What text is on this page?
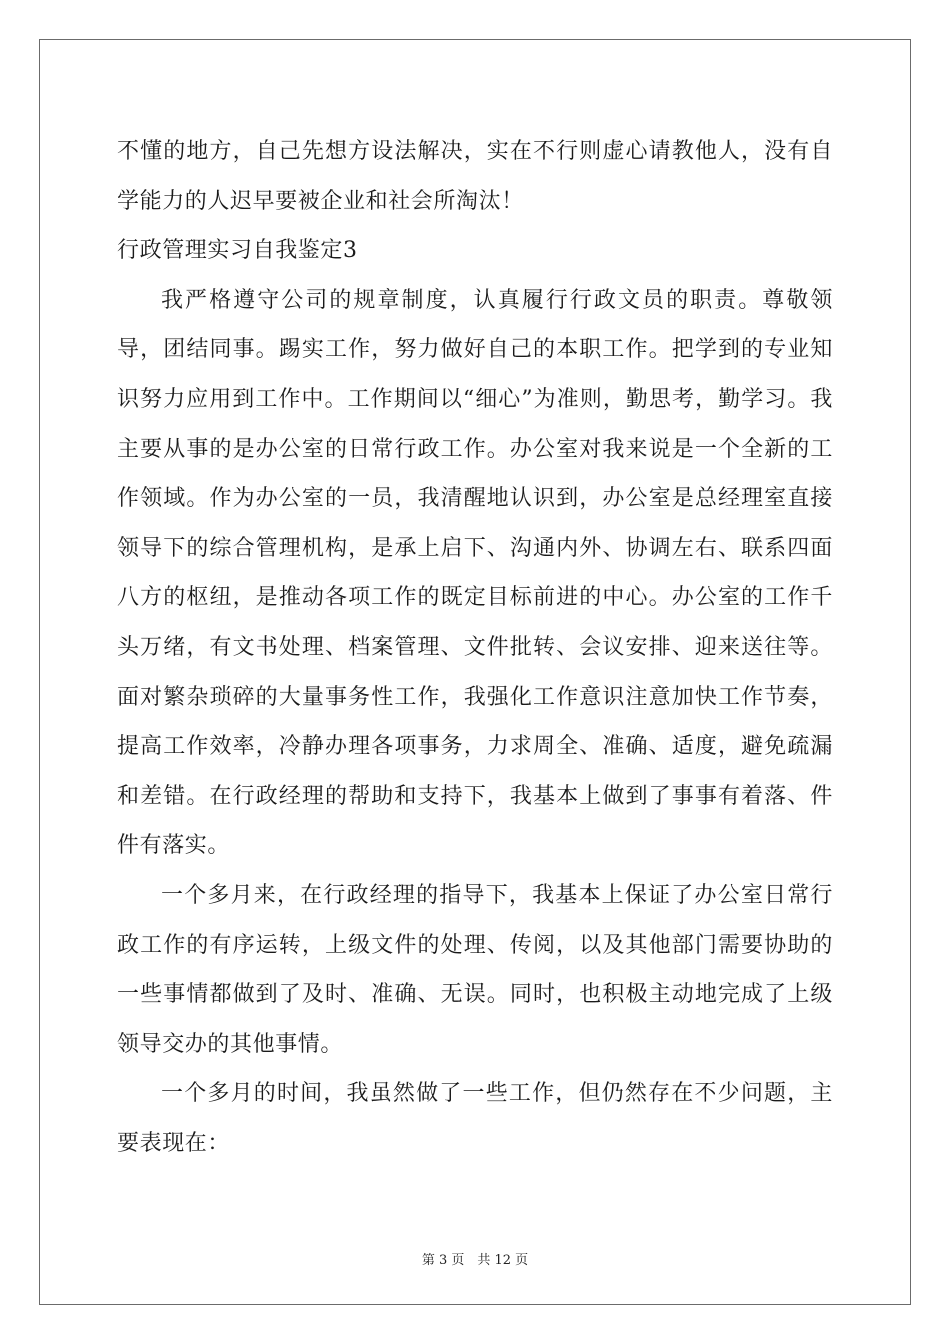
不懂的地方，自己先想方设法解决，实在不行则虚心请教他人，没有自学能力的人迟早要被企业和社会所淘汰！

行政管理实习自我鉴定3

我严格遵守公司的规章制度，认真履行行政文员的职责。尊敬领导，团结同事。踢实工作，努力做好自己的本职工作。把学到的专业知识努力应用到工作中。工作期间以“细心”为准则，勤思考，勤学习。我主要从事的是办公室的日常行政工作。办公室对我来说是一个全新的工作领域。作为办公室的一员，我清醒地认识到，办公室是总经理室直接领导下的综合管理机构，是承上启下、沟通内外、协调左右、联系四面八方的枢纽，是推动各项工作的既定目标前进的中心。办公室的工作千头万绪，有文书处理、档案管理、文件批转、会议安排、迎来送往等。面对繁杂琐碎的大量事务性工作，我强化工作意识注意加快工作节奏，提高工作效率，冷静办理各项事务，力求周全、准确、适度，避免疏漏和差错。在行政经理的帮助和支持下，我基本上做到了事事有着落、件件有落实。

一个多月来，在行政经理的指导下，我基本上保证了办公室日常行政工作的有序运转，上级文件的处理、传阅，以及其他部门需要协助的一些事情都做到了及时、准确、无误。同时，也积极主动地完成了上级领导交办的其他事情。

一个多月的时间，我虽然做了一些工作，但仍然存在不少问题，主要表现在：

第 3 页　共 12 页
